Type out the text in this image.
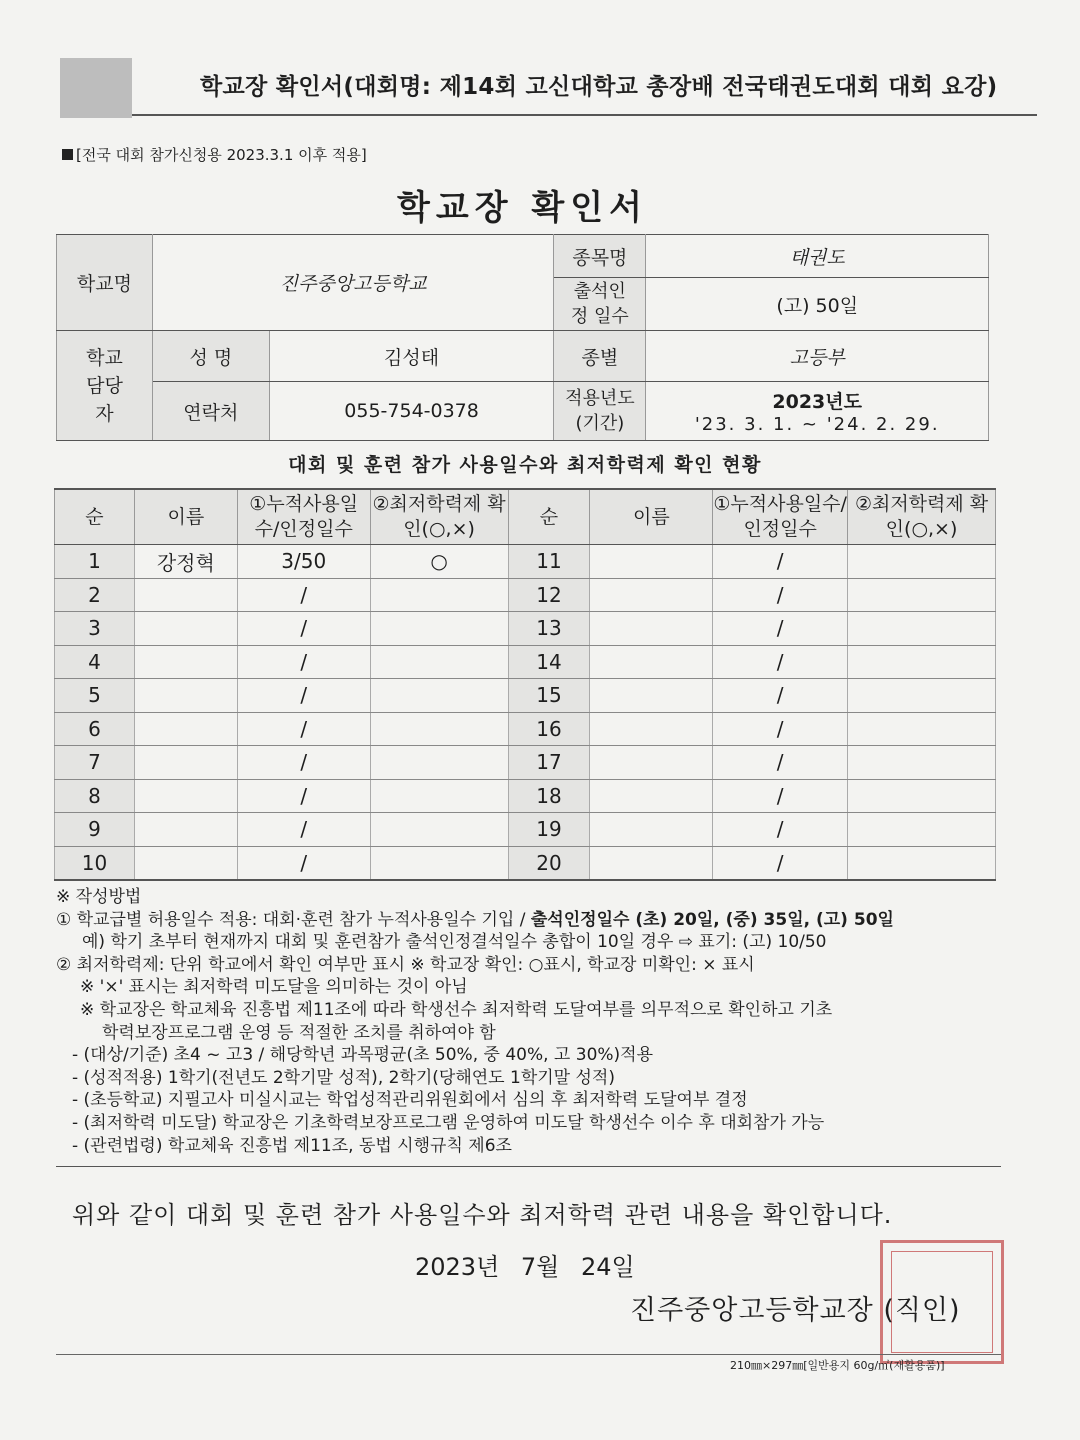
학교장 확인서(대회명: 제14회 고신대학교 총장배 전국태권도대회 대회 요강)
[전국 대회 참가신청용 2023.3.1 이후 적용]
학교장 확인서
학교명	진주중앙고등학교		종목명	태권도

			출석인정 일수	(고) 50일

학교 담당자	성 명	김성태	종별	고등부
	연락처	055-754-0378	적용년도 (기간)	2023년도
'23. 3. 1. ~ '24. 2. 29.
대회 및 훈련 참가 사용일수와 최저학력제 확인 현황
순	이름	①누적사용일수/인정일수	②최저학력제 확인(○,×)	순	이름	①누적사용일수/인정일수	②최저학력제 확인(○,×)
1	강정혁	3/50	○	11		/	
2		/		12		/	
3		/		13		/	
4		/		14		/	
5		/		15		/	
6		/		16		/	
7		/		17		/	
8		/		18		/	
9		/		19		/	
10		/		20		/	
※ 작성방법
① 학교급별 허용일수 적용: 대회·훈련 참가 누적사용일수 기입 / 출석인정일수 (초) 20일, (중) 35일, (고) 50일
예) 학기 초부터 현재까지 대회 및 훈련참가 출석인정결석일수 총합이 10일 경우 ⇨ 표기: (고) 10/50
② 최저학력제: 단위 학교에서 확인 여부만 표시 ※ 학교장 확인: ○표시, 학교장 미확인: × 표시
※ '×' 표시는 최저학력 미도달을 의미하는 것이 아님
※ 학교장은 학교체육 진흥법 제11조에 따라 학생선수 최저학력 도달여부를 의무적으로 확인하고 기초
학력보장프로그램 운영 등 적절한 조치를 취하여야 함
- (대상/기준) 초4 ~ 고3 / 해당학년 과목평균(초 50%, 중 40%, 고 30%)적용
- (성적적용) 1학기(전년도 2학기말 성적), 2학기(당해연도 1학기말 성적)
- (초등학교) 지필고사 미실시교는 학업성적관리위원회에서 심의 후 최저학력 도달여부 결정
- (최저학력 미도달) 학교장은 기초학력보장프로그램 운영하여 미도달 학생선수 이수 후 대회참가 가능
- (관련법령) 학교체육 진흥법 제11조, 동법 시행규칙 제6조
위와 같이 대회 및 훈련 참가 사용일수와 최저학력 관련 내용을 확인합니다.
2023년 7월 24일
진주중앙고등학교장 (직인)
210㎜×297㎜[일반용지 60g/㎡(재활용품)]
